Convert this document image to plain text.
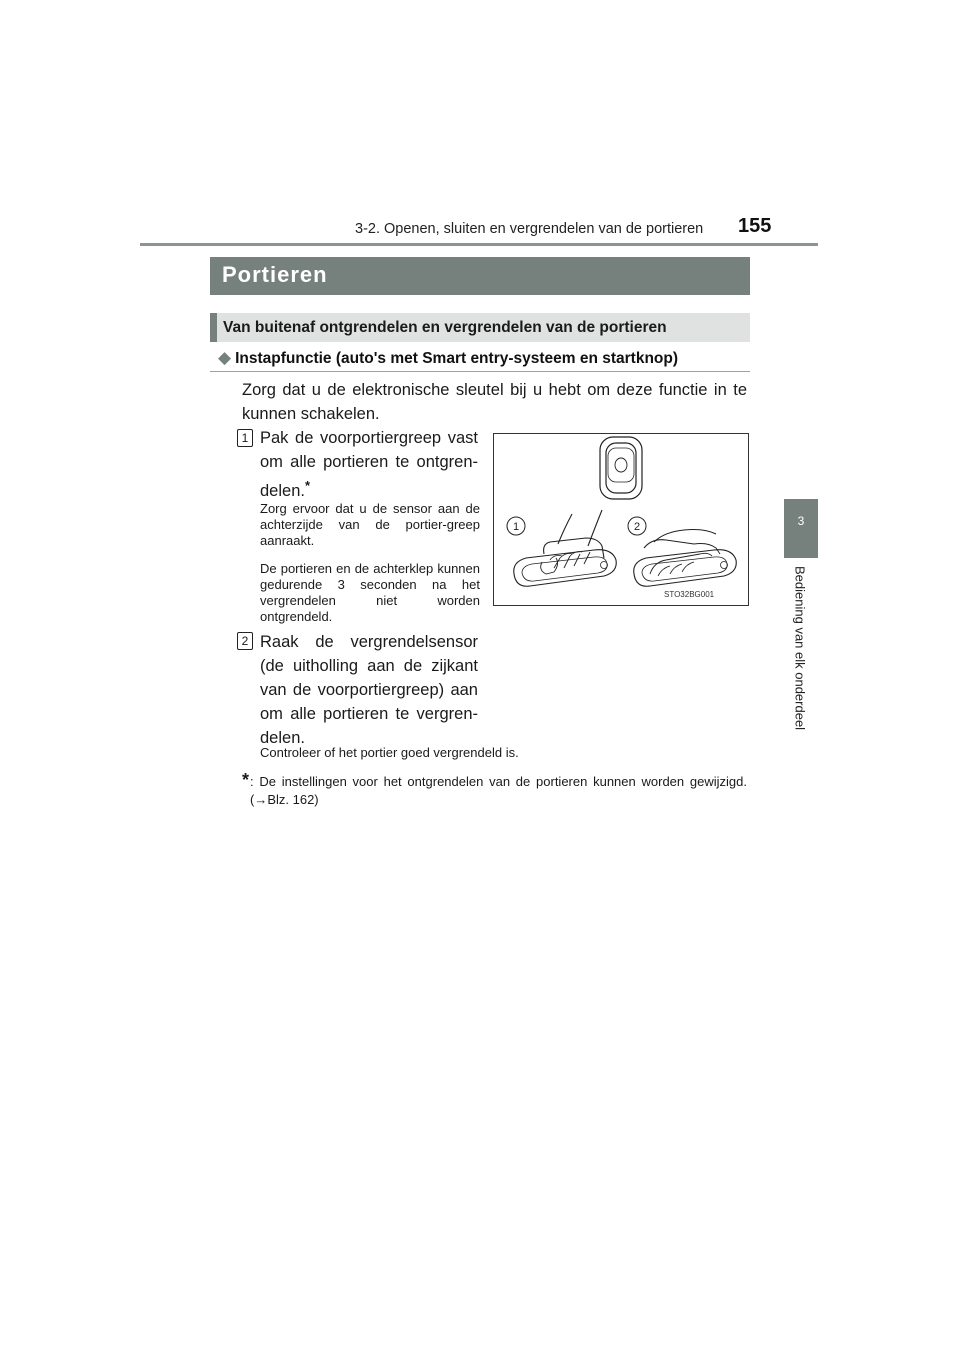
3-2. Openen, sluiten en vergrendelen van de portieren 155
3
Bediening van elk onderdeel
Portieren
Van buitenaf ontgrendelen en vergrendelen van de portieren
◆ Instapfunctie (auto's met Smart entry-systeem en startknop)
Zorg dat u de elektronische sleutel bij u hebt om deze functie in te kunnen schakelen.
1 Pak de voorportiergreep vast om alle portieren te ontgren-delen.*
Zorg ervoor dat u de sensor aan de achterzijde van de portier-greep aanraakt.
De portieren en de achterklep kunnen gedurende 3 seconden na het vergrendelen niet worden ontgrendeld.
2 Raak de vergrendelsensor (de uitholling aan de zijkant van de voorportiergreep) aan om alle portieren te vergren-delen.
Controleer of het portier goed vergrendeld is.
* : De instellingen voor het ontgrendelen van de portieren kunnen worden gewijzigd.(→Blz. 162)
1	2
STO32BG001
